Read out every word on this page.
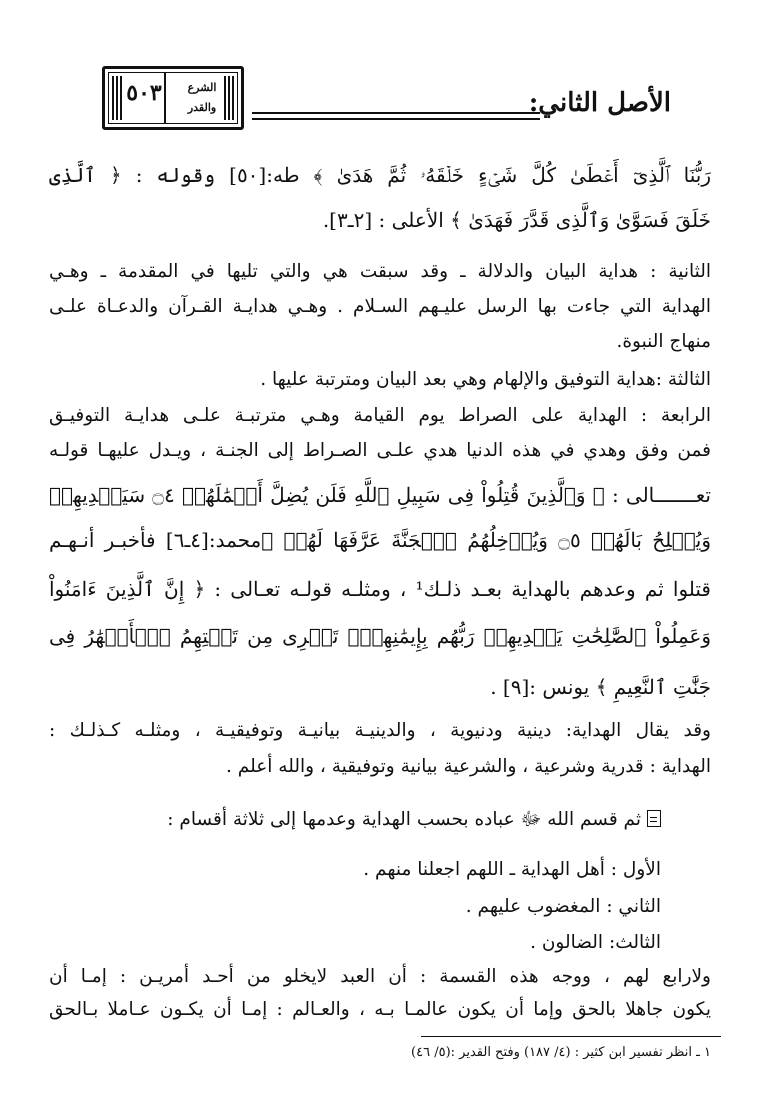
الأصل الثاني:
الشرع
والقدر
٥٠٣
رَبُّنَا ٱلَّذِىٓ أَعۡطَىٰ كُلَّ شَىۡءٍ خَلۡقَهُۥ ثُمَّ هَدَىٰ ﴾ طه:[٥٠] وقوله : ﴿ ٱلَّذِى
خَلَقَ فَسَوَّىٰ وَٱلَّذِى قَدَّرَ فَهَدَىٰ ﴾ الأعلى : [٢ـ٣].
الثانية : هداية البيان والدلالة ـ وقد سبقت هي والتي تليها في المقدمة ـ وهـي
الهداية التي جاءت بها الرسل عليـهم السـلام . وهـي هدايـة القـرآن والدعـاة علـى
منهاج النبوة.
الثالثة :هداية التوفيق والإلهام وهي بعد البيان ومترتبة عليها .
الرابعة : الهداية على الصراط يوم القيامة وهـي مترتبـة علـى هدايـة التوفيـق
فمن وفق وهدي في هذه الدنيا هدي علـى الصـراط إلى الجنـة ، ويـدل عليهـا قولـه
تعـــــــالى : ﴿ وَٱلَّذِينَ قُتِلُواْ فِى سَبِيلِ ٱللَّهِ فَلَن يُضِلَّ أَعۡمَٰلَهُمۡ ۝٤ سَيَهۡدِيهِمۡ
وَيُصۡلِحُ بَالَهُمۡ ۝٥ وَيُدۡخِلُهُمُ ٱلۡجَنَّةَ عَرَّفَهَا لَهُمۡ ﴾محمد:[٤ـ٦] فأخبـر أنـهـم
قتلوا ثم وعدهم بالهداية بعـد ذلـك¹ ، ومثلـه قولـه تعـالى : ﴿ إِنَّ ٱلَّذِينَ ءَامَنُواْ
وَعَمِلُواْ ٱلصَّٰلِحَٰتِ يَهۡدِيهِمۡ رَبُّهُم بِإِيمَٰنِهِمۡۖ تَجۡرِى مِن تَحۡتِهِمُ ٱلۡأَنۡهَٰرُ فِى
جَنَّٰتِ ٱلنَّعِيمِ ﴾ يونس :[٩] .
وقد يقال الهداية: دينية ودنيوية ، والدينيـة بيانيـة وتوفيقيـة ، ومثلـه كـذلـك :
الهداية : قدرية وشرعية ، والشرعية بيانية وتوفيقية ، والله أعلم .
ثم قسم الله ﷻ عباده بحسب الهداية وعدمها إلى ثلاثة أقسام :
الأول : أهل الهداية ـ اللهم اجعلنا منهم .
الثاني : المغضوب عليهم .
الثالث: الضالون .
ولارابع لهم ، ووجه هذه القسمة : أن العبد لايخلو من أحـد أمريـن : إمـا أن
يكون جاهلا بالحق وإما أن يكون عالمـا بـه ، والعـالم : إمـا أن يكـون عـاملا بـالحق
١ ـ انظر تفسير ابن كثير : (٤/ ١٨٧) وفتح القدير :(٥/ ٤٦)
